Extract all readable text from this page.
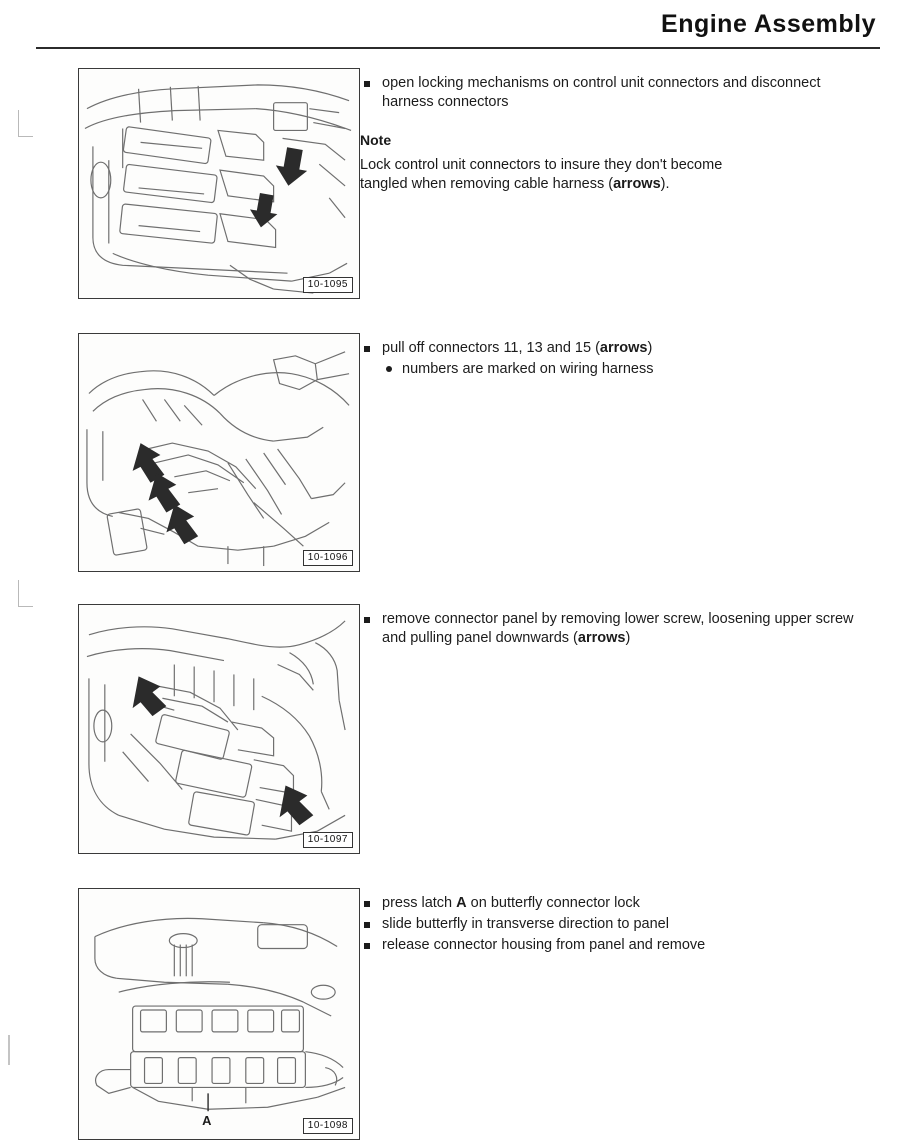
Engine Assembly
10-1095
open locking mechanisms on control unit connectors and disconnect harness connectors
Note
Lock control unit connectors to insure they don't become tangled when removing cable harness (arrows).
10-1096
pull off connectors 11, 13 and 15 (arrows)
numbers are marked on wiring harness
10-1097
remove connector panel by removing lower screw, loosening upper screw and pulling panel downwards (arrows)
A	10-1098
press latch A on butterfly connector lock
slide butterfly in transverse direction to panel
release connector housing from panel and remove
